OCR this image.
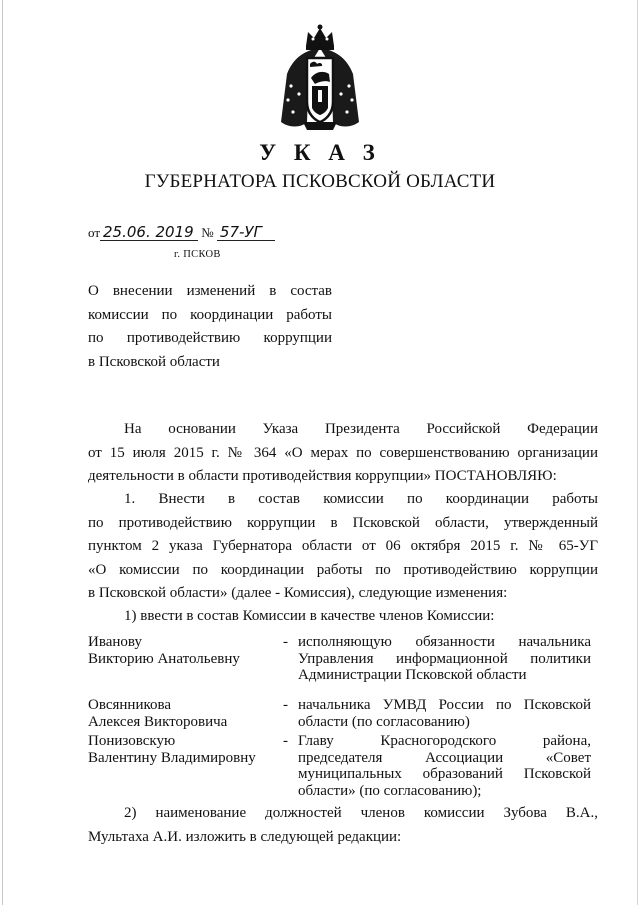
У К А З
ГУБЕРНАТОРА ПСКОВСКОЙ ОБЛАСТИ
от 25.06. 2019 № 57-УГ
г. ПСКОВ
О внесении изменений в состав
комиссии по координации работы
по противодействию коррупции
в Псковской области
На основании Указа Президента Российской Федерации
от 15 июля 2015 г. № 364 «О мерах по совершенствованию организации
деятельности в области противодействия коррупции» ПОСТАНОВЛЯЮ:
1. Внести в состав комиссии по координации работы
по противодействию коррупции в Псковской области, утвержденный
пунктом 2 указа Губернатора области от 06 октября 2015 г. № 65-УГ
«О комиссии по координации работы по противодействию коррупции
в Псковской области» (далее - Комиссия), следующие изменения:
1) ввести в состав Комиссии в качестве членов Комиссии:
Иванову
Викторию Анатольевну
- исполняющую обязанности начальника
Управления информационной политики
Администрации Псковской области
Овсянникова
Алексея Викторовича
- начальника УМВД России по Псковской
области (по согласованию)
Понизовскую
Валентину Владимировну
- Главу Красногородского района,
председателя Ассоциации «Совет
муниципальных образований Псковской
области» (по согласованию);
2) наименование должностей членов комиссии Зубова В.А.,
Мультаха А.И. изложить в следующей редакции:
